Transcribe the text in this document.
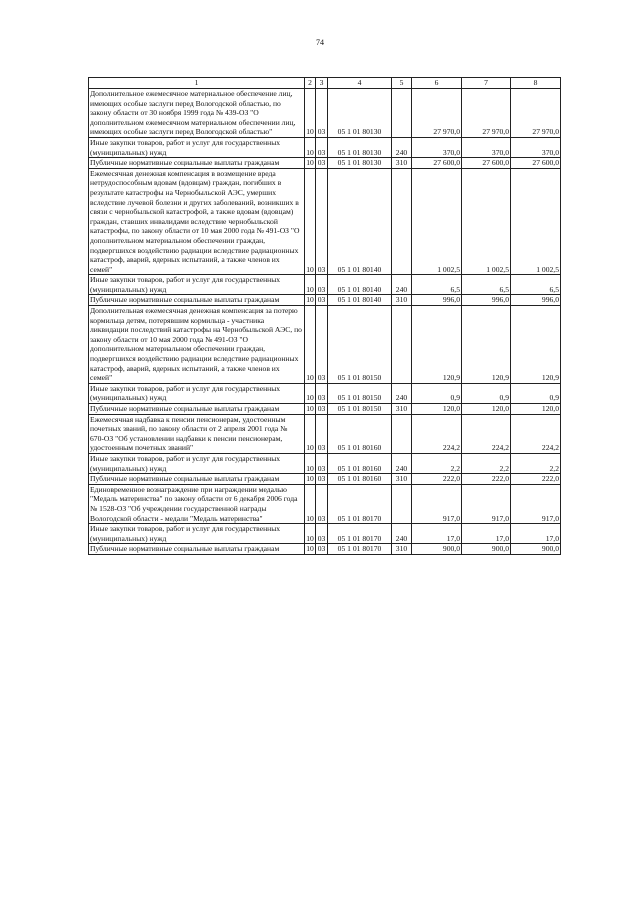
74
1	2	3	4	5	6	7	8
Дополнительное ежемесячное материальное обеспечение лиц, имеющих особые заслуги перед Вологодской областью, по закону области от 30 ноября 1999 года № 439-ОЗ "О дополнительном ежемесячном материальном обеспечении лиц, имеющих особые заслуги перед Вологодской областью"	10	03	05 1 01 80130		27 970,0	27 970,0	27 970,0
Иные закупки товаров, работ и услуг для государственных (муниципальных) нужд	10	03	05 1 01 80130	240	370,0	370,0	370,0
Публичные нормативные социальные выплаты гражданам	10	03	05 1 01 80130	310	27 600,0	27 600,0	27 600,0
Ежемесячная денежная компенсация в возмещение вреда нетрудоспособным вдовам (вдовцам) граждан, погибших в результате катастрофы на Чернобыльской АЭС, умерших вследствие лучевой болезни и других заболеваний, возникших в связи с чернобыльской катастрофой, а также вдовам (вдовцам) граждан, ставших инвалидами вследствие чернобыльской катастрофы, по закону области от 10 мая 2000 года № 491-ОЗ "О дополнительном материальном обеспечении граждан, подвергшихся воздействию радиации вследствие радиационных катастроф, аварий, ядерных испытаний, а также членов их семей"	10	03	05 1 01 80140		1 002,5	1 002,5	1 002,5
Иные закупки товаров, работ и услуг для государственных (муниципальных) нужд	10	03	05 1 01 80140	240	6,5	6,5	6,5
Публичные нормативные социальные выплаты гражданам	10	03	05 1 01 80140	310	996,0	996,0	996,0
Дополнительная ежемесячная денежная компенсация за потерю кормильца детям, потерявшим кормильца - участника ликвидации последствий катастрофы на Чернобыльской АЭС, по закону области от 10 мая 2000 года № 491-ОЗ "О дополнительном материальном обеспечении граждан, подвергшихся воздействию радиации вследствие радиационных катастроф, аварий, ядерных испытаний, а также членов их семей"	10	03	05 1 01 80150		120,9	120,9	120,9
Иные закупки товаров, работ и услуг для государственных (муниципальных) нужд	10	03	05 1 01 80150	240	0,9	0,9	0,9
Публичные нормативные социальные выплаты гражданам	10	03	05 1 01 80150	310	120,0	120,0	120,0
Ежемесячная надбавка к пенсии пенсионерам, удостоенным почетных званий, по закону области от 2 апреля 2001 года № 670-ОЗ "Об установлении надбавки к пенсии пенсионерам, удостоенным почетных званий"	10	03	05 1 01 80160		224,2	224,2	224,2
Иные закупки товаров, работ и услуг для государственных (муниципальных) нужд	10	03	05 1 01 80160	240	2,2	2,2	2,2
Публичные нормативные социальные выплаты гражданам	10	03	05 1 01 80160	310	222,0	222,0	222,0
Единовременное вознаграждение при награждении медалью "Медаль материнства" по закону области от 6 декабря 2006 года № 1528-ОЗ "Об учреждении государственной награды Вологодской области - медали "Медаль материнства"	10	03	05 1 01 80170		917,0	917,0	917,0
Иные закупки товаров, работ и услуг для государственных (муниципальных) нужд	10	03	05 1 01 80170	240	17,0	17,0	17,0
Публичные нормативные социальные выплаты гражданам	10	03	05 1 01 80170	310	900,0	900,0	900,0
